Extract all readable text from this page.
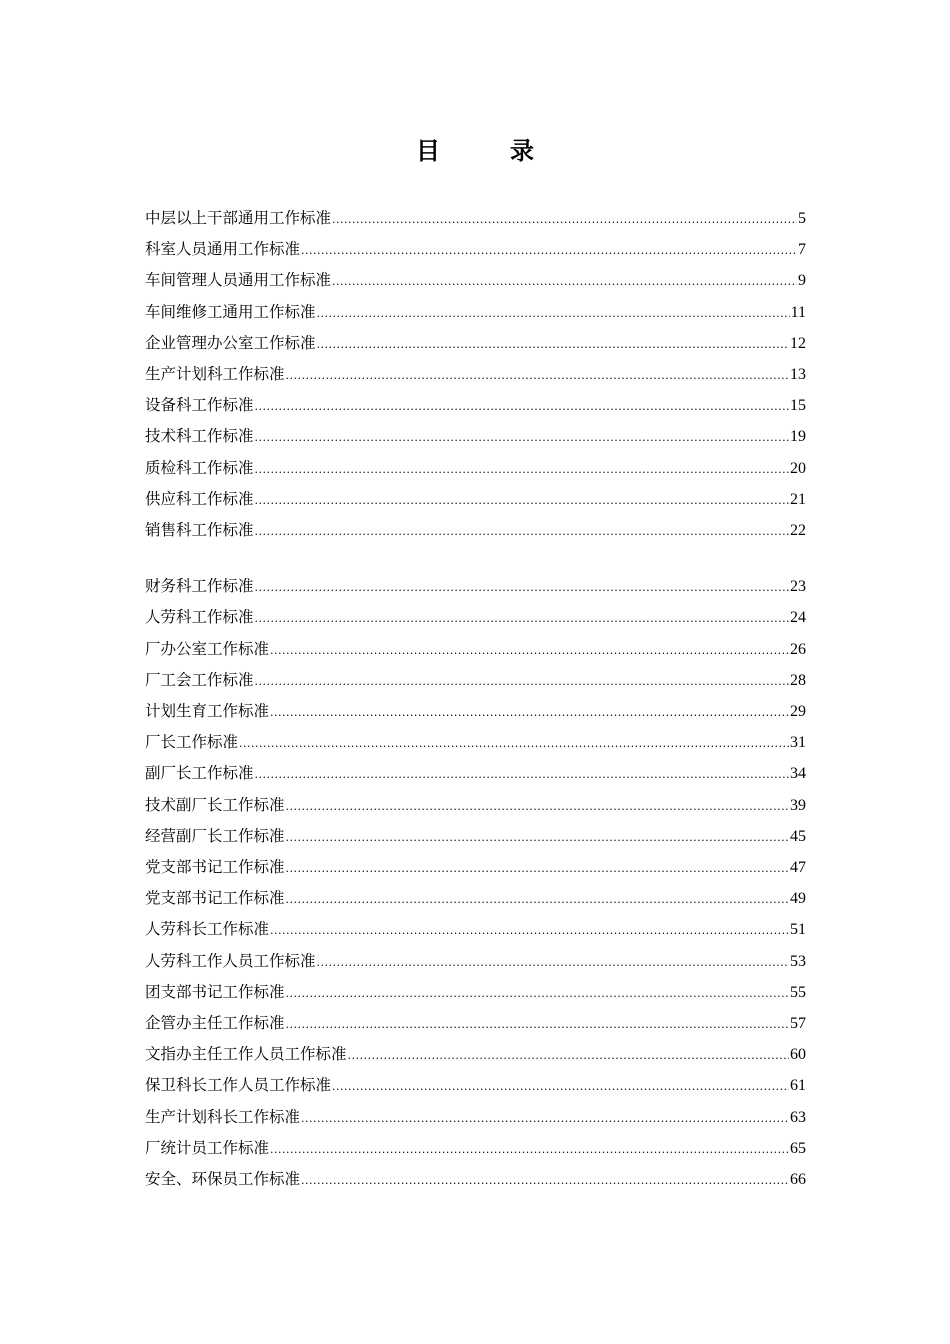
目	录
中层以上干部通用工作标准 .....	5
科室人员通用工作标准 .....	7
车间管理人员通用工作标准 .....	9
车间维修工通用工作标准 .....	11
企业管理办公室工作标准 .....	12
生产计划科工作标准 .....	13
设备科工作标准 .....	15
技术科工作标准 .....	19
质检科工作标准 .....	20
供应科工作标准 .....	21
销售科工作标准 .....	22
财务科工作标准 .....	23
人劳科工作标准 .....	24
厂办公室工作标准 .....	26
厂工会工作标准 .....	28
计划生育工作标准 .....	29
厂长工作标准 .....	31
副厂长工作标准 .....	34
技术副厂长工作标准 .....	39
经营副厂长工作标准 .....	45
党支部书记工作标准 .....	47
党支部书记工作标准 .....	49
人劳科长工作标准 .....	51
人劳科工作人员工作标准 .....	53
团支部书记工作标准 .....	55
企管办主任工作标准 .....	57
文指办主任工作人员工作标准 .....	60
保卫科长工作人员工作标准 .....	61
生产计划科长工作标准 .....	63
厂统计员工作标准 .....	65
安全、环保员工作标准 .....	66
